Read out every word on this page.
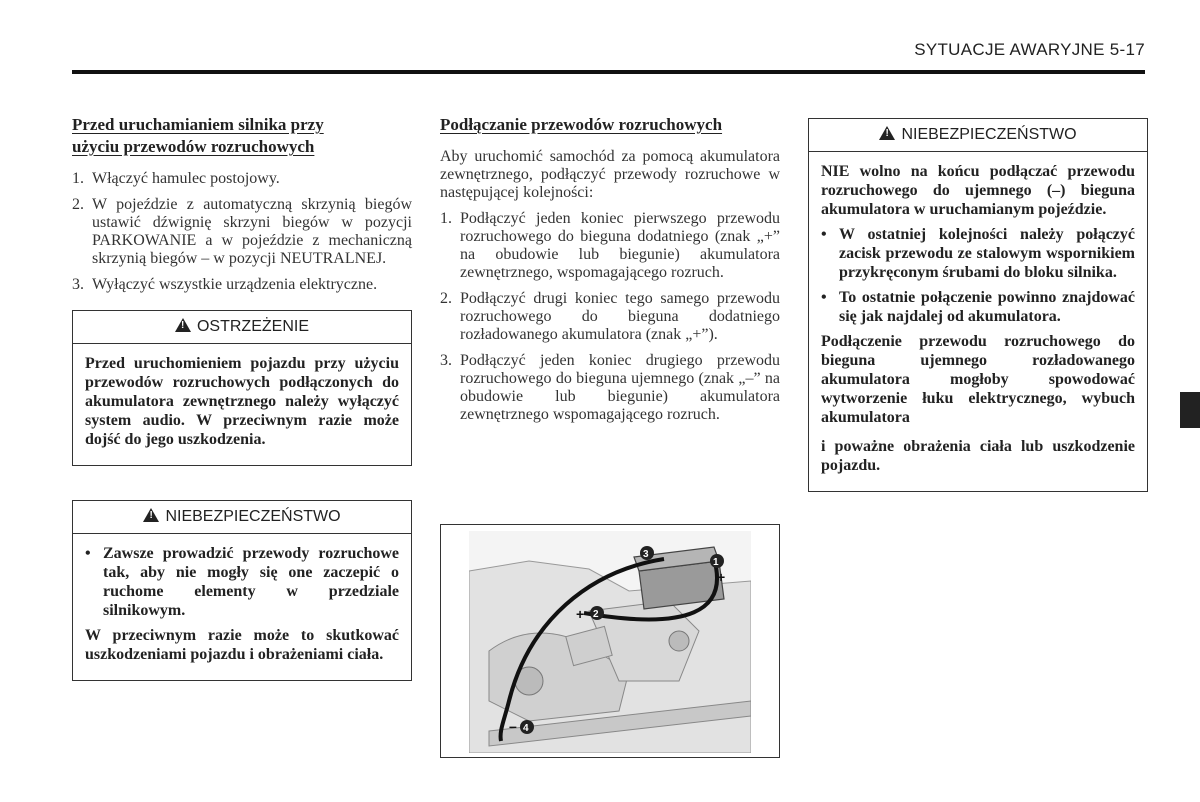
SYTUACJE AWARYJNE 5-17
Przed uruchamianiem silnika przy
użyciu przewodów rozruchowych
1. Włączyć hamulec postojowy.
2. W pojeździe z automatyczną skrzynią biegów ustawić dźwignię skrzyni biegów w pozycji PARKOWANIE a w pojeździe z mechaniczną skrzynią biegów – w pozycji NEUTRALNEJ.
3. Wyłączyć wszystkie urządzenia elektryczne.
!OSTRZEŻENIE

Przed uruchomieniem pojazdu przy użyciu przewodów rozruchowych podłączonych do akumulatora zewnętrznego należy wyłączyć system audio. W przeciwnym razie może dojść do jego uszkodzenia.

!NIEBEZPIECZEŃSTWO
• Zawsze prowadzić przewody rozruchowe tak, aby nie mogły się one zaczepić o ruchome elementy w przedziale silnikowym.

W przeciwnym razie może to skutkować uszkodzeniami pojazdu i obrażeniami ciała.

Podłączanie przewodów rozruchowych

Aby uruchomić samochód za pomocą akumulatora zewnętrznego, podłączyć przewody rozruchowe w następującej kolejności:

1. Podłączyć jeden koniec pierwszego przewodu rozruchowego do bieguna dodatniego (znak „+” na obudowie lub biegunie) akumulatora zewnętrznego, wspomagającego rozruch.
2. Podłączyć drugi koniec tego samego przewodu rozruchowego do bieguna dodatniego rozładowanego akumulatora (znak „+”).
3. Podłączyć jeden koniec drugiego przewodu rozruchowego do bieguna ujemnego (znak „–” na obudowie lub biegunie) akumulatora zewnętrznego wspomagającego rozruch.
3
1
2
4
+
+
–
–
!NIEBEZPIECZEŃSTWO

NIE wolno na końcu podłączać przewodu rozruchowego do ujemnego (–) bieguna akumulatora w uruchamianym pojeździe.

• W ostatniej kolejności należy połączyć zacisk przewodu ze stalowym wspornikiem przykręconym śrubami do bloku silnika.
• To ostatnie połączenie powinno znajdować się jak najdalej od akumulatora.

Podłączenie przewodu rozruchowego do bieguna ujemnego rozładowanego akumulatora mogłoby spowodować wytworzenie łuku elektrycznego, wybuch akumulatora

i poważne obrażenia ciała lub uszkodzenie pojazdu.
